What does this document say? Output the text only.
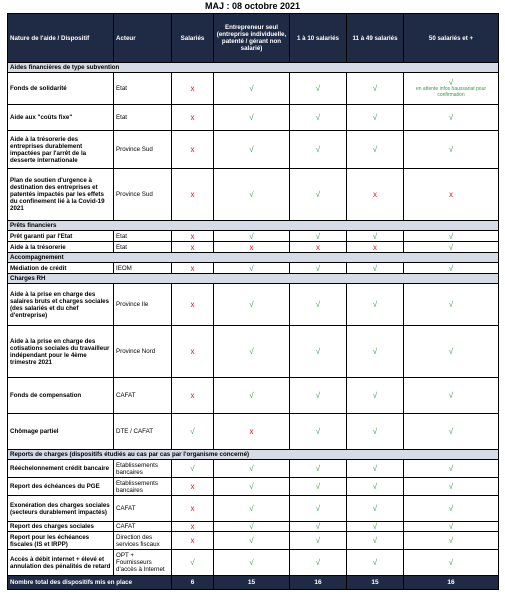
MAJ : 08 octobre 2021
Nature de l'aide / Dispositif	Acteur	Salariés	Entrepreneur seul (entreprise individuelle, patenté / gérant non salarié)	1 à 10 salariés	11 à 49 salariés	50 salariés et +
Aides financières de type subvention						
Fonds de solidarité	Etat	x	√	√	√	√
en attente infos haussariat pour confirmation

Aide aux "coûts fixe"	Etat	x	√	√	√	√
Aide à la trésorerie des entreprises durablement impactées par l'arrêt de la desserte internationale	Province Sud	x	√	√	√	√
Plan de soutien d'urgence à destination des entreprises et patentés impactés par les effets du confinement lié à la Covid-19 2021	Province Sud	x	√	√	x	x
Prêts financiers						
Prêt garanti par l'Etat	Etat	x	√	√	√	√
Aide à la trésorerie	Etat	x	x	x	x	√
Accompagnement						
Médiation de crédit	IEOM	x	√	√	√	√
Charges RH						
Aide à la prise en charge des salaires bruts et charges sociales (des salariés et du chef d'entreprise)	Province Ile	x	√	√	√	√
Aide à la prise en charge des cotisations sociales du travailleur indépendant pour le 4ème trimestre 2021	Province Nord	x	√	√	√	√
Fonds de compensation	CAFAT	x	√	√	√	√
Chômage partiel	DTE / CAFAT	√	x	√	√	√
Reports de charges (dispositifs étudiés au cas par cas par l'organisme concerné)						
Rééchelonnement crédit bancaire	Etablissements bancaires	√	√	√	√	√
Report des échéances du PGE	Etablissements bancaires	x	√	√	√	√
Exonération des charges sociales (secteurs durablement impactés)	CAFAT	x	√	√	√	√
Report des charges sociales	CAFAT	x	√	√	√	√
Report pour les échéances fiscales (IS et IRPP)	Direction des services fiscaux	x	√	√	√	√
Accès à débit internet + élevé et annulation des pénalités de retard	OPT + Fournisseurs d'accès à Internet	√	√	√	√	√
Nombre total des dispositifs mis en place		6	15	16	15	16
